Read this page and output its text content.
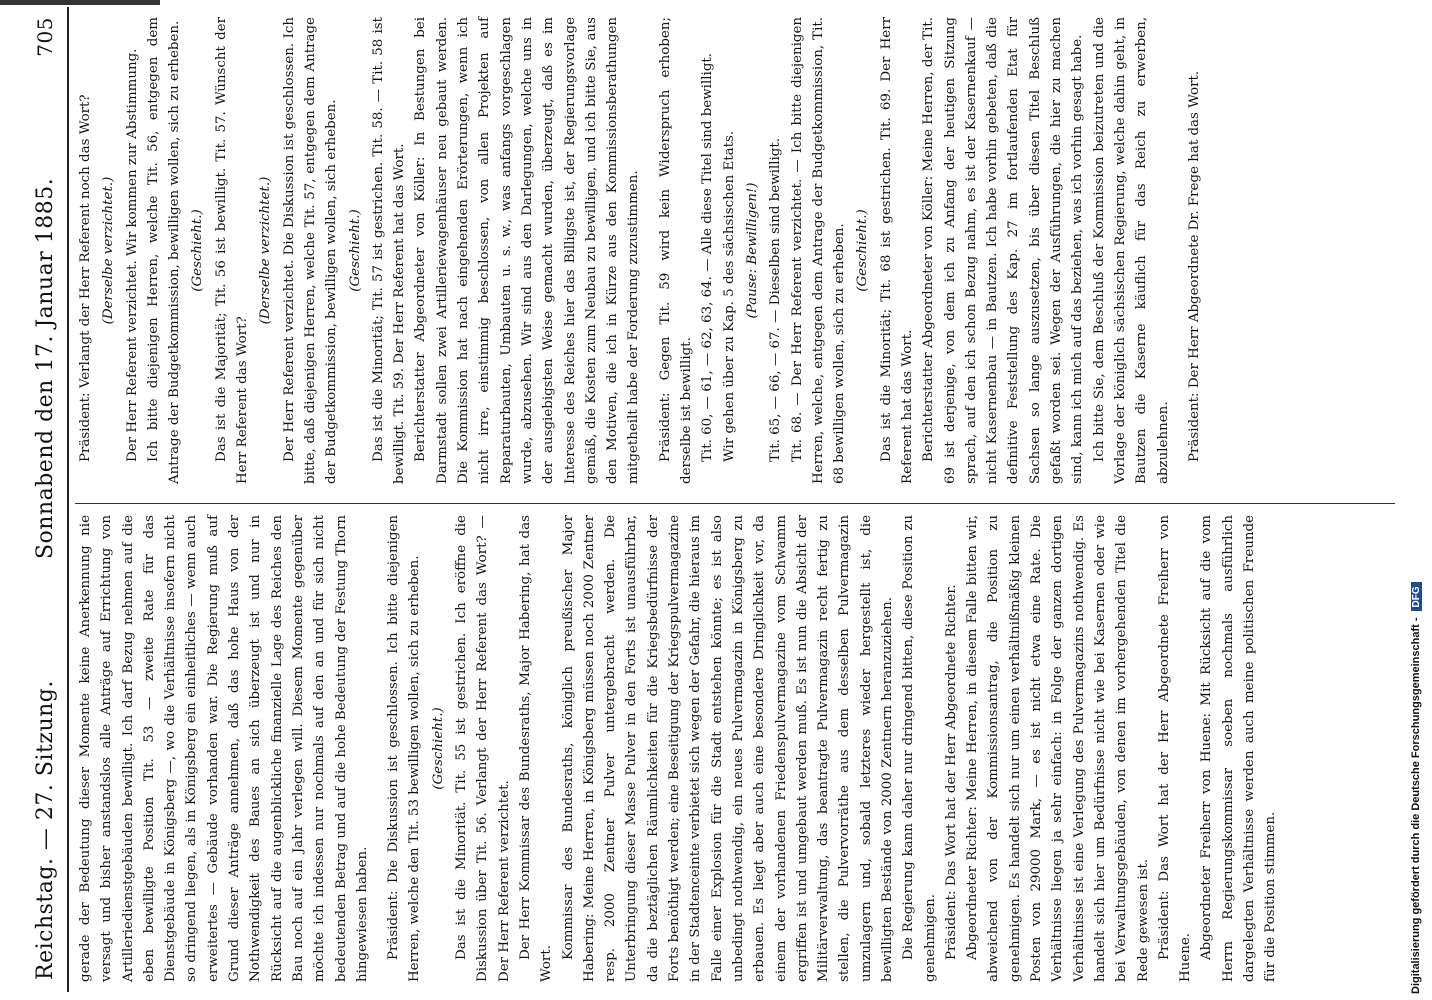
Reichstag. — 27. Sitzung.
Sonnabend den 17. Januar 1885.
705

gerade der Bedeutung dieser Momente keine Anerkennung nie versagt und bisher anstandslos alle Anträge auf Errichtung von Artilleriedienstgebäuden bewilligt. Ich darf Bezug nehmen auf die eben bewilligte Position Tit. 53 — zweite Rate für das Dienstgebäude in Königsberg —, wo die Verhältnisse insofern nicht so dringend liegen, als in Königsberg ein einheitliches — wenn auch erweitertes — Gebäude vorhanden war. Die Regierung muß auf Grund dieser Anträge annehmen, daß das hohe Haus von der Nothwendigkeit des Baues an sich überzeugt ist und nur in Rücksicht auf die augenblickliche finanzielle Lage des Reiches den Bau noch auf ein Jahr verlegen will. Diesem Momente gegenüber möchte ich indessen nur nochmals auf den an und für sich nicht bedeutenden Betrag und auf die hohe Bedeutung der Festung Thorn hingewiesen haben. Präsident: Die Diskussion ist geschlossen. Ich bitte diejenigen Herren, welche den Tit. 53 bewilligen wollen, sich zu erheben. (Geschieht.) Das ist die Minorität. Tit. 55 ist gestrichen. Ich eröffne die Diskussion über Tit. 56. Verlangt der Herr Referent das Wort? — Der Herr Referent verzichtet. Der Herr Kommissar des Bundesraths, Major Habering, hat das Wort.

Kommissar des Bundesraths, königlich preußischer Major Habering: Meine Herren, in Königsberg müssen noch 2000 Zentner resp. 2000 Zentner Pulver untergebracht werden. Die Unterbringung dieser Masse Pulver in den Forts ist unausführbar, da die beztäglichen Räumlichkeiten für die Kriegsbedürfnisse der Forts benöthigt werden; eine Beseitigung der Kriegspulvermagazine in der Stadtenceinte verbietet sich wegen der Gefahr, die hieraus im Falle einer Explosion für die Stadt entstehen könnte; es ist also unbedingt nothwendig, ein neues Pulvermagazin in Königsberg zu erbauen. Es liegt aber auch eine besondere Dringlichkeit vor, da einem der vorhandenen Friedenspulvermagazine vom Schwamm ergriffen ist und umgebaut werden muß. Es ist nun die Absicht der Militärverwaltung, das beantragte Pulvermagazin recht fertig zu stellen, die Pulvervorräthe aus dem desselben Pulvermagazin umzulagern und, sobald letzteres wieder hergestellt ist, die bewilligten Bestände von 2000 Zentnern heranzuziehen. Die Regierung kann daher nur dringend bitten, diese Position zu genehmigen. Präsident: Das Wort hat der Herr Abgeordnete Richter. Abgeordneter Richter: Meine Herren, in diesem Falle bitten wir, abweichend von der Kommissionsantrag, die Position zu genehmigen. Es handelt sich nur um einen verhältnißmäßig kleinen Posten von 29000 Mark, — es ist nicht etwa eine Rate. Die Verhältnisse liegen ja sehr einfach: in Folge der ganzen dortigen Verhältnisse ist eine Verlegung des Pulvermagazins nothwendig. Es handelt sich hier um Bedürfnisse nicht wie bei Kasernen oder wie bei Verwaltungsgebäuden, von denen im vorhergehenden Titel die Rede gewesen ist. Präsident: Das Wort hat der Herr Abgeordnete Freiherr von Huene. Abgeordneter Freiherr von Huene: Mit Rücksicht auf die vom Herrn Regierungskommissar soeben nochmals ausführlich dargelegten Verhältnisse werden auch meine politischen Freunde für die Position stimmen.

Präsident: Verlangt der Herr Referent noch das Wort? (Derselbe verzichtet.) Der Herr Referent verzichtet. Wir kommen zur Abstimmung. Ich bitte diejenigen Herren, welche Tit. 56, entgegen dem Antrage der Budgetkommission, bewilligen wollen, sich zu erheben. (Geschieht.) Das ist die Majorität; Tit. 56 ist bewilligt. Tit. 57. Wünscht der Herr Referent das Wort?

(Derselbe verzichtet.) Der Herr Referent verzichtet. Die Diskussion ist geschlossen. Ich bitte, daß diejenigen Herren, welche Tit. 57, entgegen dem Antrage der Budgetkommission, bewilligen wollen, sich erheben. (Geschieht.) Das ist die Minorität; Tit. 57 ist gestrichen. Tit. 58. — Tit. 58 ist bewilligt. Tit. 59. Der Herr Referent hat das Wort. Berichterstatter Abgeordneter von Köller: In Bestungen bei Darmstadt sollen zwei Artilleriewagenhäuser neu gebaut werden. Die Kommission hat nach eingehenden Erörterungen, wenn ich nicht irre, einstimmig beschlossen, von allen Projekten auf Reparaturbauten, Umbauten u. s. w., was anfangs vorgeschlagen wurde, abzusehen. Wir sind aus den Darlegungen, welche uns in der ausgiebigsten Weise gemacht wurden, überzeugt, daß es im Interesse des Reiches hier das Billigste ist, der Regierungsvorlage gemäß, die Kosten zum Neubau zu bewilligen, und ich bitte Sie, aus den Motiven, die ich in Kürze aus den Kommissionsberathungen mitgetheilt habe der Forderung zuzustimmen. Präsident: Gegen Tit. 59 wird kein Widerspruch erhoben; derselbe ist bewilligt. Tit. 60, — 61, — 62, 63, 64. — Alle diese Titel sind bewilligt. Wir gehen über zu Kap. 5 des sächsischen Etats. (Pause: Bewilligen!) Tit. 65, — 66, — 67. — Dieselben sind bewilligt. Tit. 68. — Der Herr Referent verzichtet. — Ich bitte diejenigen Herren, welche, entgegen dem Antrage der Budgetkommission, Tit. 68 bewilligen wollen, sich zu erheben. (Geschieht.) Das ist die Minorität; Tit. 68 ist gestrichen. Tit. 69. Der Herr Referent hat das Wort. Berichterstatter Abgeordneter von Köller: Meine Herren, der Tit. 69 ist derjenige, von dem ich zu Anfang der heutigen Sitzung sprach, auf den ich schon Bezug nahm, es ist der Kasernenkauf — nicht Kasernenbau — in Bautzen. Ich habe vorhin gebeten, daß die definitive Feststellung des Kap. 27 im fortlaufenden Etat für Sachsen so lange auszusetzen, bis über diesen Titel Beschluß gefaßt worden sei. Wegen der Ausführungen, die hier zu machen sind, kann ich mich auf das beziehen, was ich vorhin gesagt habe. Ich bitte Sie, dem Beschluß der Kommission beizutreten und die Vorlage der königlich sächsischen Regierung, welche dahin geht, in Bautzen die Kaserne käuflich für das Reich zu erwerben, abzulehnen. Präsident: Der Herr Abgeordnete Dr. Frege hat das Wort.

Digitalisierung gefördert durch die Deutsche Forschungsgemeinschaft -
DFG
